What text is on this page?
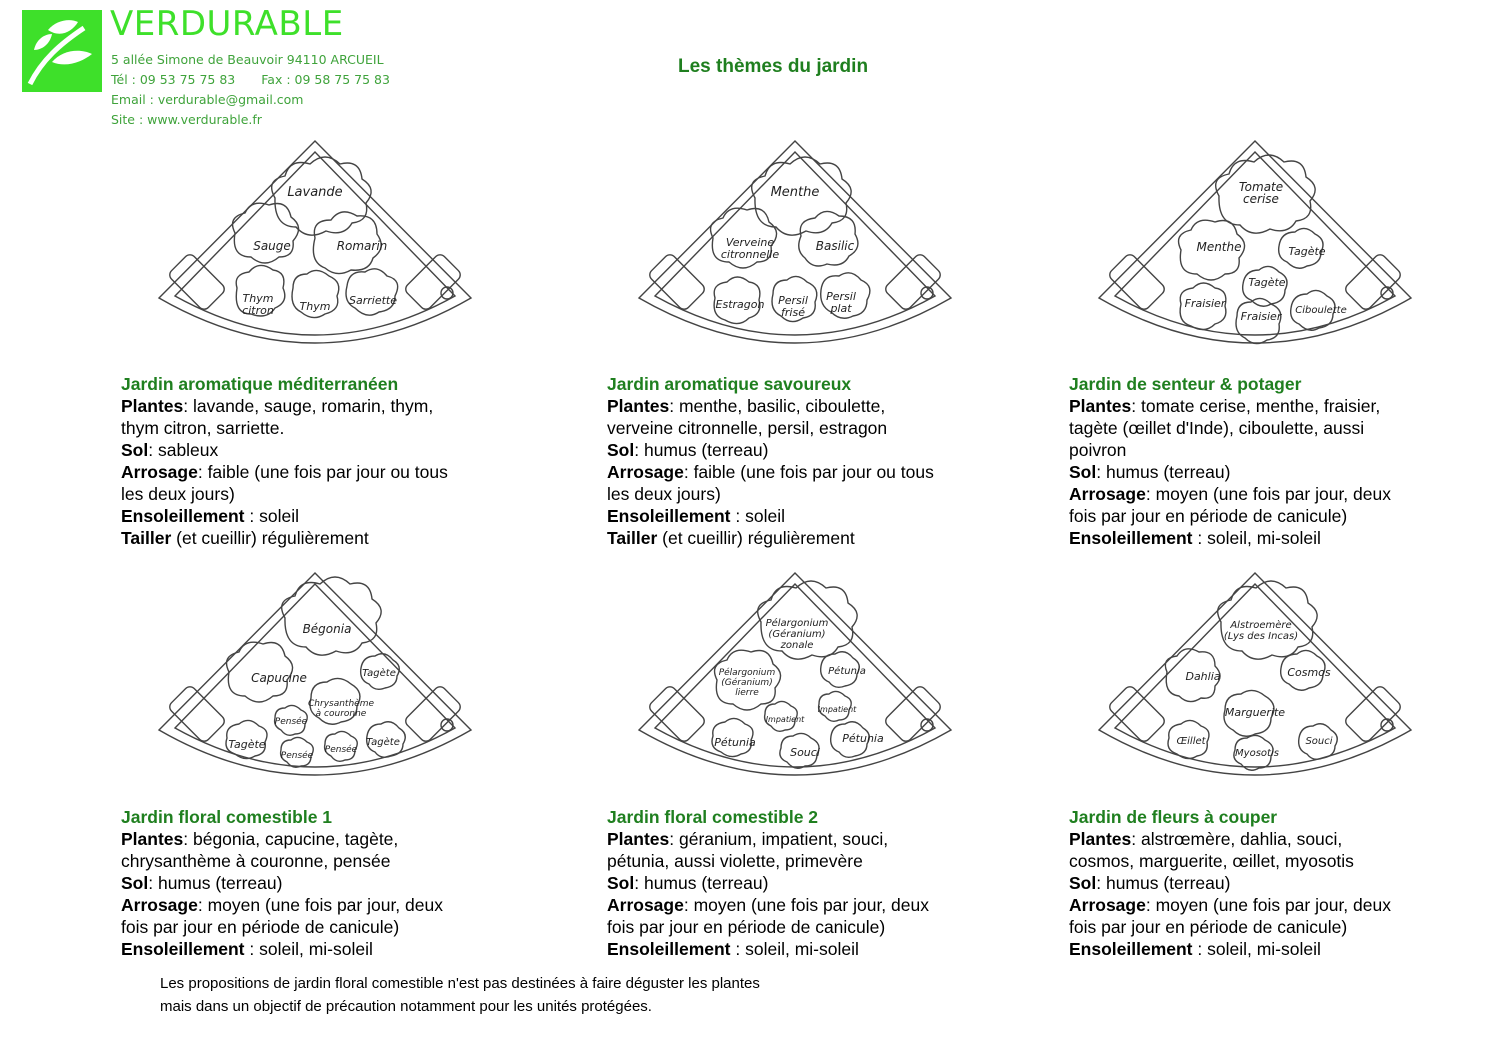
VERDURABLE
5 allée Simone de Beauvoir 94110 ARCUEIL
Tél : 09 53 75 75 83 Fax : 09 58 75 75 83
Email : verdurable@gmail.com
Site : www.verdurable.fr
Les thèmes du jardin
Lavande
Sauge	Romarin
Thym
citron Thym Sarriette
Menthe
Verveine
citronnelle
Basilic
Estragon Persil
frisé
Persil
plat
Tomate
cerise
Menthe	Tagète
Tagète
Fraisier
Fraisier Ciboulette
Bégonia
Capucine	Tagète
Chrysanthème
à couronne
Pensée
Tagète
Pensée
Pensée
Tagète
Pélargonium
(Géranium)
zonale
Pélargonium
(Géranium)
lierre
Pétunia
Impatient
Impatient
Pétunia
Souci
Pétunia
Alstroemère
(Lys des Incas)
Dahlia	Cosmos
Marguerite
Œillet
Myosotis
Souci
Jardin aromatique méditerranéen
Plantes: lavande, sauge, romarin, thym,
thym citron, sarriette.
Sol: sableux
Arrosage: faible (une fois par jour ou tous
les deux jours)
Ensoleillement : soleil
Tailler (et cueillir) régulièrement
Jardin aromatique savoureux
Plantes: menthe, basilic, ciboulette,
verveine citronnelle, persil, estragon
Sol: humus (terreau)
Arrosage: faible (une fois par jour ou tous
les deux jours)
Ensoleillement : soleil
Tailler (et cueillir) régulièrement
Jardin de senteur & potager
Plantes: tomate cerise, menthe, fraisier,
tagète (œillet d'Inde), ciboulette, aussi
poivron
Sol: humus (terreau)
Arrosage: moyen (une fois par jour, deux
fois par jour en période de canicule)
Ensoleillement : soleil, mi-soleil
Jardin floral comestible 1
Plantes: bégonia, capucine, tagète,
chrysanthème à couronne, pensée
Sol: humus (terreau)
Arrosage: moyen (une fois par jour, deux
fois par jour en période de canicule)
Ensoleillement : soleil, mi-soleil
Jardin floral comestible 2
Plantes: géranium, impatient, souci,
pétunia, aussi violette, primevère
Sol: humus (terreau)
Arrosage: moyen (une fois par jour, deux
fois par jour en période de canicule)
Ensoleillement : soleil, mi-soleil
Jardin de fleurs à couper
Plantes: alstrœmère, dahlia, souci,
cosmos, marguerite, œillet, myosotis
Sol: humus (terreau)
Arrosage: moyen (une fois par jour, deux
fois par jour en période de canicule)
Ensoleillement : soleil, mi-soleil
Les propositions de jardin floral comestible n'est pas destinées à faire déguster les plantes
mais dans un objectif de précaution notamment pour les unités protégées.
